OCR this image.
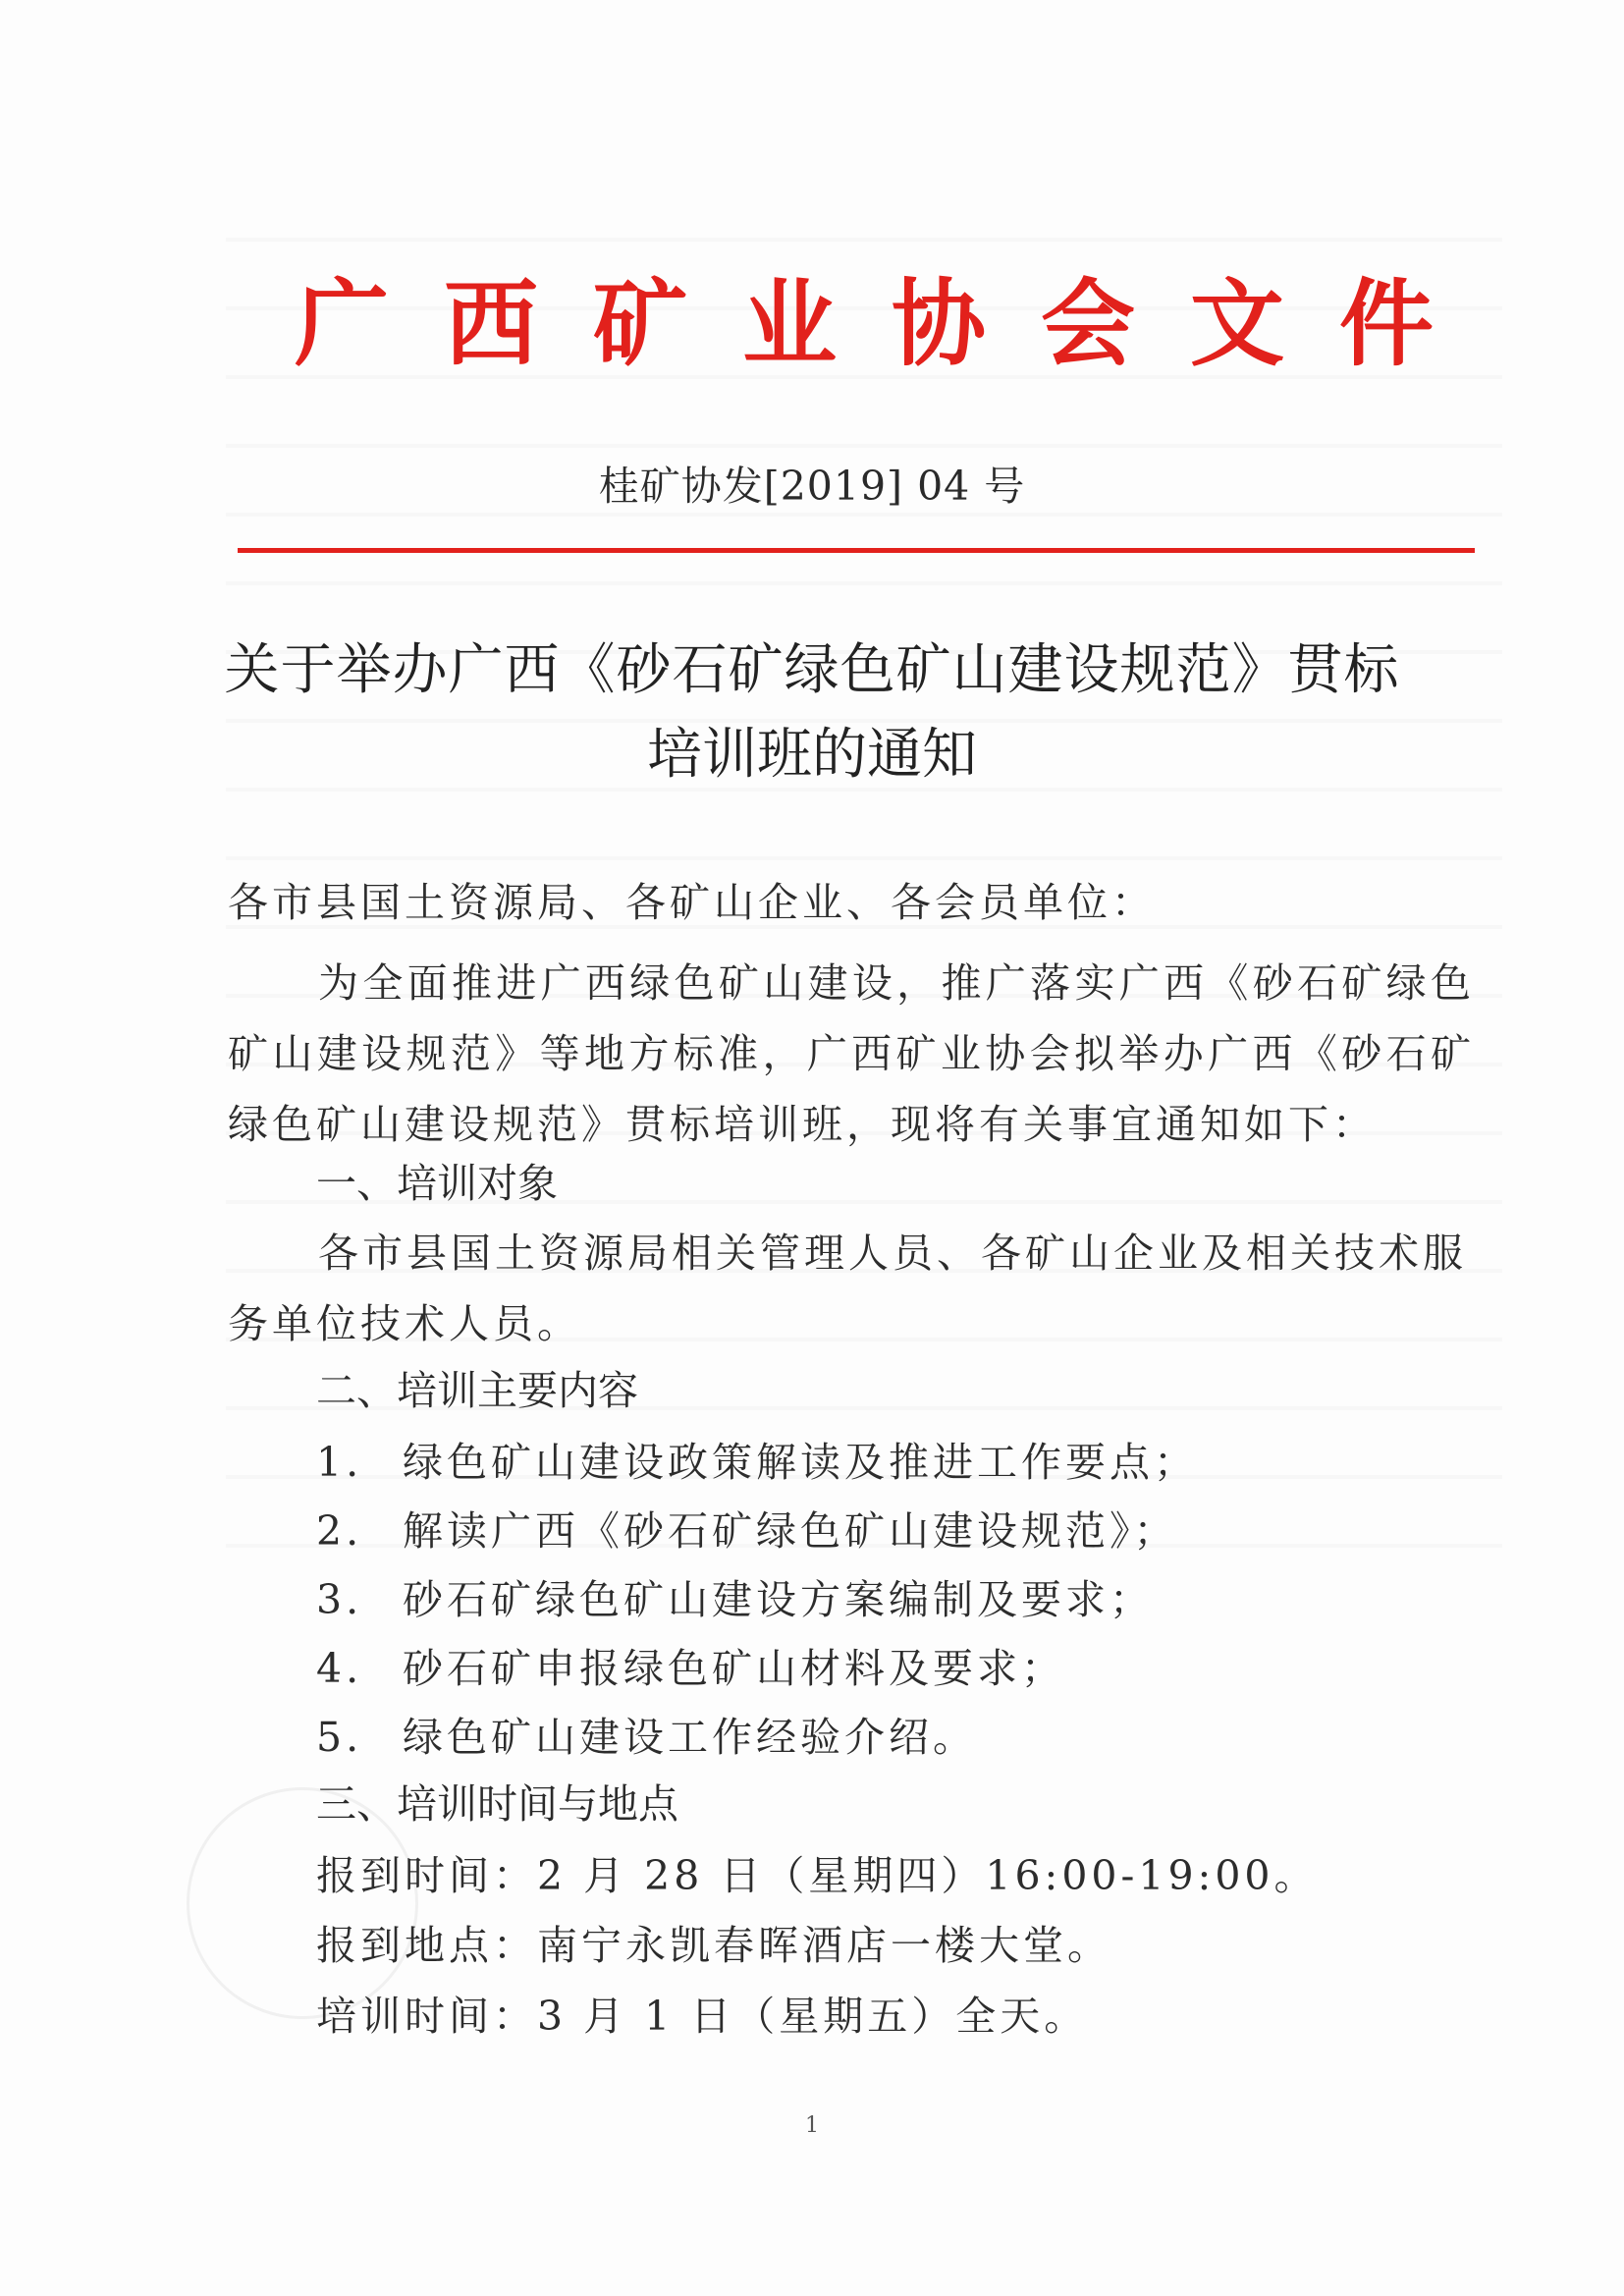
广 西 矿 业 协 会 文 件
桂矿协发[2019] 04 号
关于举办广西《砂石矿绿色矿山建设规范》贯标
培训班的通知
各市县国土资源局、各矿山企业、各会员单位：
为全面推进广西绿色矿山建设，推广落实广西《砂石矿绿色矿山建设规范》等地方标准，广西矿业协会拟举办广西《砂石矿绿色矿山建设规范》贯标培训班，现将有关事宜通知如下：
一、培训对象
各市县国土资源局相关管理人员、各矿山企业及相关技术服务单位技术人员。
二、培训主要内容
1. 绿色矿山建设政策解读及推进工作要点；
2. 解读广西《砂石矿绿色矿山建设规范》；
3. 砂石矿绿色矿山建设方案编制及要求；
4. 砂石矿申报绿色矿山材料及要求；
5. 绿色矿山建设工作经验介绍。
三、培训时间与地点
报到时间：2 月 28 日（星期四）16:00-19:00。
报到地点：南宁永凯春晖酒店一楼大堂。
培训时间：3 月 1 日（星期五）全天。
1
